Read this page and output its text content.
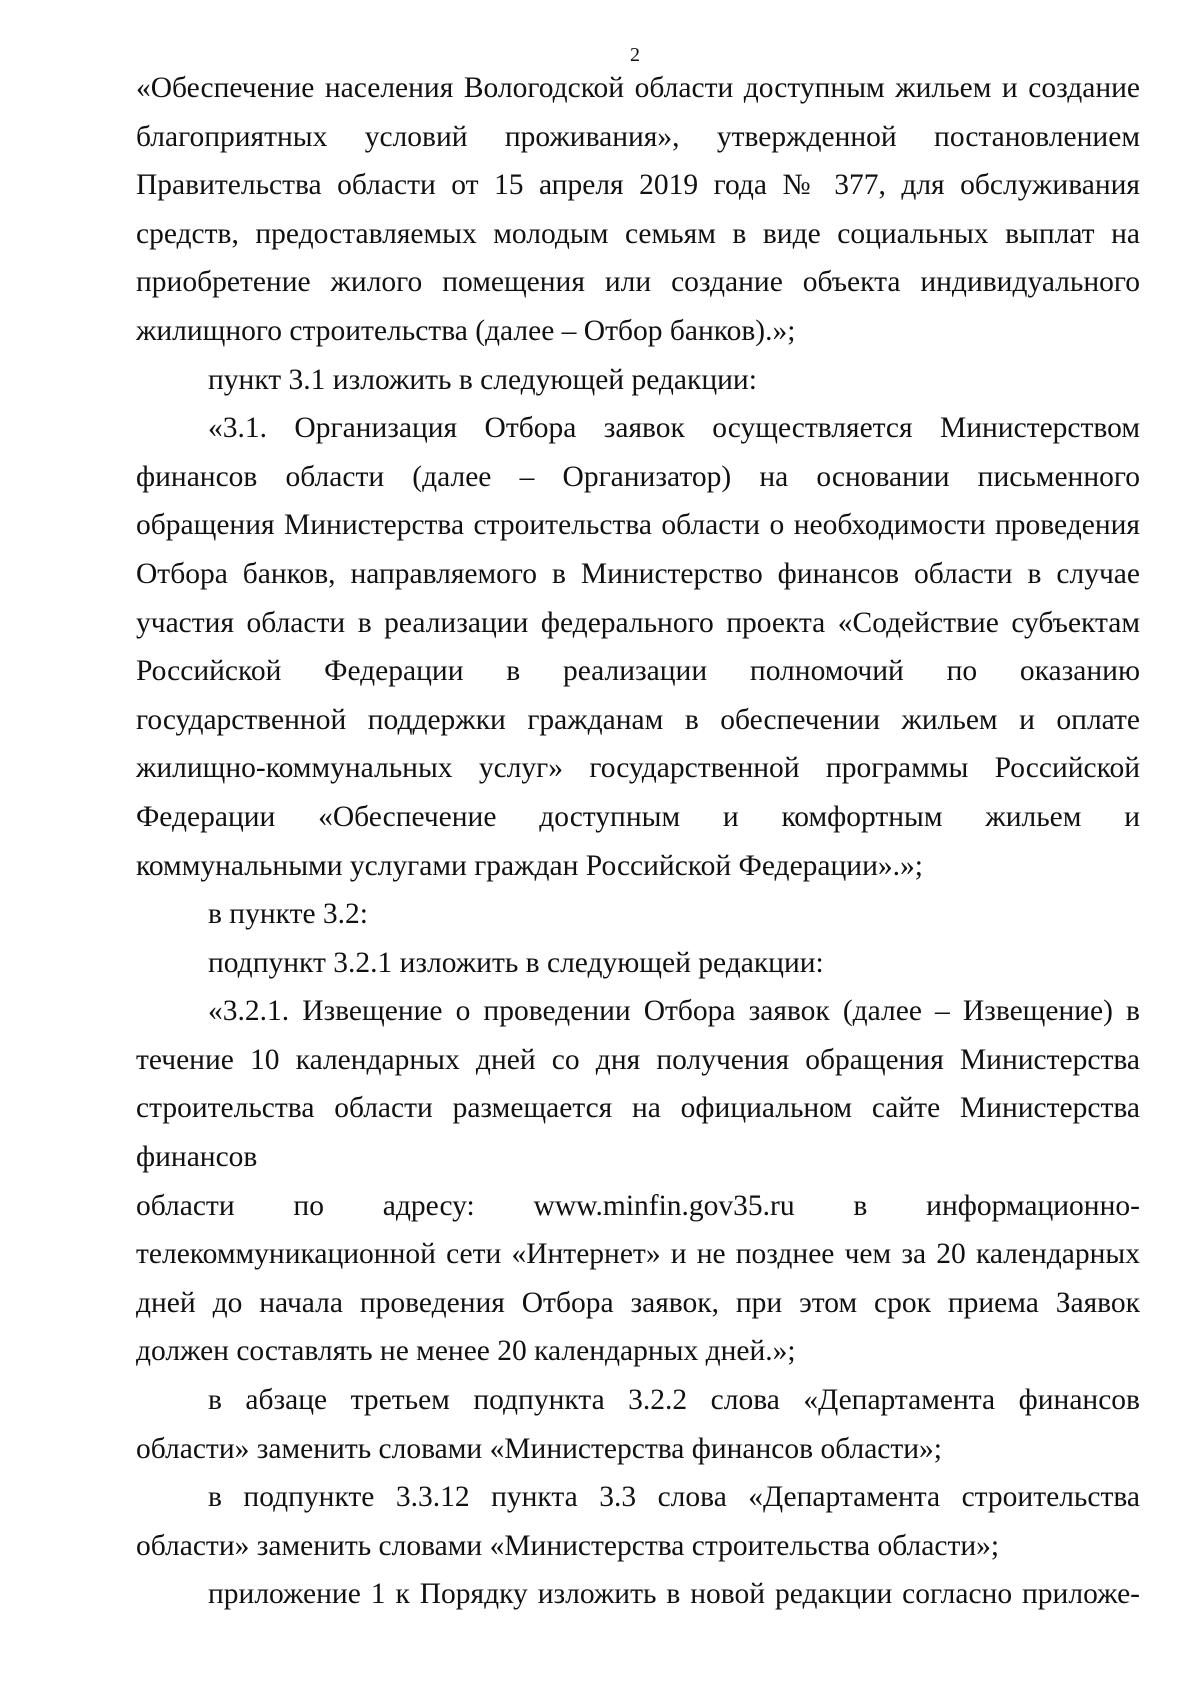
2

«Обеспечение населения Вологодской области доступным жильем и создание благоприятных условий проживания», утвержденной постановлением Правительства области от 15 апреля 2019 года № 377, для обслуживания средств, предоставляемых молодым семьям в виде социальных выплат на приобретение жилого помещения или создание объекта индивидуального жилищного строительства (далее – Отбор банков).»;

пункт 3.1 изложить в следующей редакции:

«3.1. Организация Отбора заявок осуществляется Министерством финансов области (далее – Организатор) на основании письменного обращения Министерства строительства области о необходимости проведения Отбора банков, направляемого в Министерство финансов области в случае участия области в реализации федерального проекта «Содействие субъектам Российской Федерации в реализации полномочий по оказанию государственной поддержки гражданам в обеспечении жильем и оплате жилищно-коммунальных услуг» государственной программы Российской Федерации «Обеспечение доступным и комфортным жильем и коммунальными услугами граждан Российской Федерации».»;

в пункте 3.2:

подпункт 3.2.1 изложить в следующей редакции:

«3.2.1. Извещение о проведении Отбора заявок (далее – Извещение) в течение 10 календарных дней со дня получения обращения Министерства строительства области размещается на официальном сайте Министерства финансов

области по адресу: www.minfin.gov35.ru в информационно-

телекоммуникационной сети «Интернет» и не позднее чем за 20 календарных дней до начала проведения Отбора заявок, при этом срок приема Заявок должен составлять не менее 20 календарных дней.»;

в абзаце третьем подпункта 3.2.2 слова «Департамента финансов области» заменить словами «Министерства финансов области»;

в подпункте 3.3.12 пункта 3.3 слова «Департамента строительства области» заменить словами «Министерства строительства области»;

приложение 1 к Порядку изложить в новой редакции согласно приложе-
